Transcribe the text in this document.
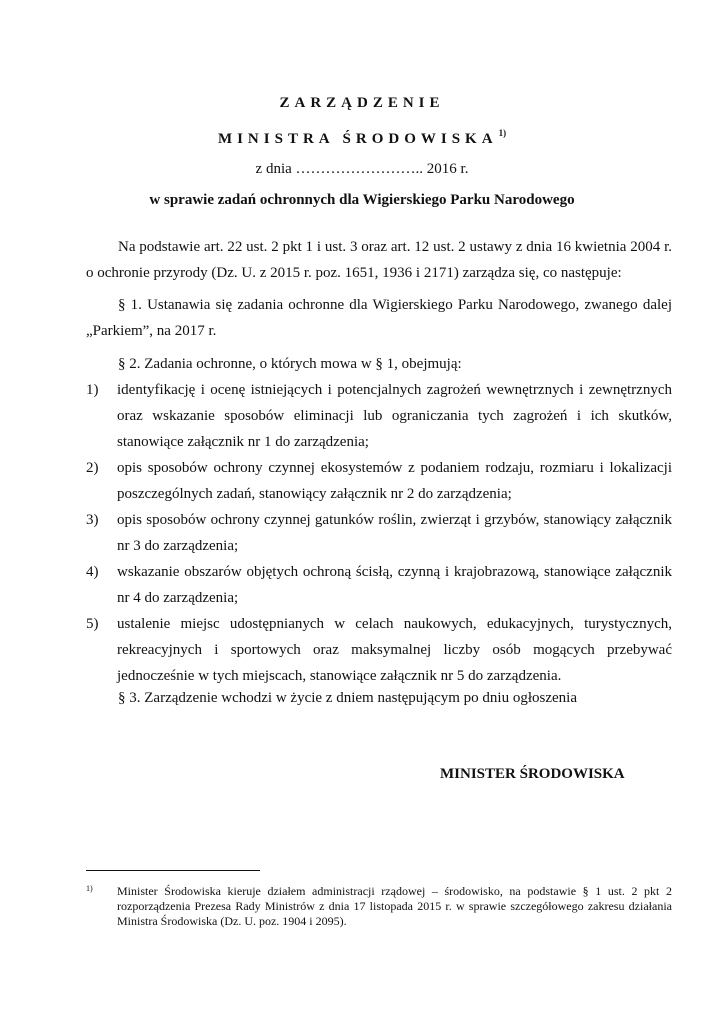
ZARZĄDZENIE
MINISTRA ŚRODOWISKA$^{1)}$
z dnia …………………….. 2016 r.
w sprawie zadań ochronnych dla Wigierskiego Parku Narodowego

Na podstawie art. 22 ust. 2 pkt 1 i ust. 3 oraz art. 12 ust. 2 ustawy z dnia 16 kwietnia 2004 r. o ochronie przyrody (Dz. U. z 2015 r. poz. 1651, 1936 i 2171) zarządza się, co następuje:

§ 1. Ustanawia się zadania ochronne dla Wigierskiego Parku Narodowego, zwanego dalej „Parkiem”, na 2017 r.

§ 2. Zadania ochronne, o których mowa w § 1, obejmują:

1) identyfikację i ocenę istniejących i potencjalnych zagrożeń wewnętrznych i zewnętrznych oraz wskazanie sposobów eliminacji lub ograniczania tych zagrożeń i ich skutków, stanowiące załącznik nr 1 do zarządzenia;
2) opis sposobów ochrony czynnej ekosystemów z podaniem rodzaju, rozmiaru i lokalizacji poszczególnych zadań, stanowiący załącznik nr 2 do zarządzenia;
3) opis sposobów ochrony czynnej gatunków roślin, zwierząt i grzybów, stanowiący załącznik nr 3 do zarządzenia;
4) wskazanie obszarów objętych ochroną ścisłą, czynną i krajobrazową, stanowiące załącznik nr 4 do zarządzenia;
5) ustalenie miejsc udostępnianych w celach naukowych, edukacyjnych, turystycznych, rekreacyjnych i sportowych oraz maksymalnej liczby osób mogących przebywać jednocześnie w tych miejscach, stanowiące załącznik nr 5 do zarządzenia.

§ 3. Zarządzenie wchodzi w życie z dniem następującym po dniu ogłoszenia

MINISTER ŚRODOWISKA
1) Minister Środowiska kieruje działem administracji rządowej – środowisko, na podstawie § 1 ust. 2 pkt 2 rozporządzenia Prezesa Rady Ministrów z dnia 17 listopada 2015 r. w sprawie szczegółowego zakresu działania Ministra Środowiska (Dz. U. poz. 1904 i 2095).
